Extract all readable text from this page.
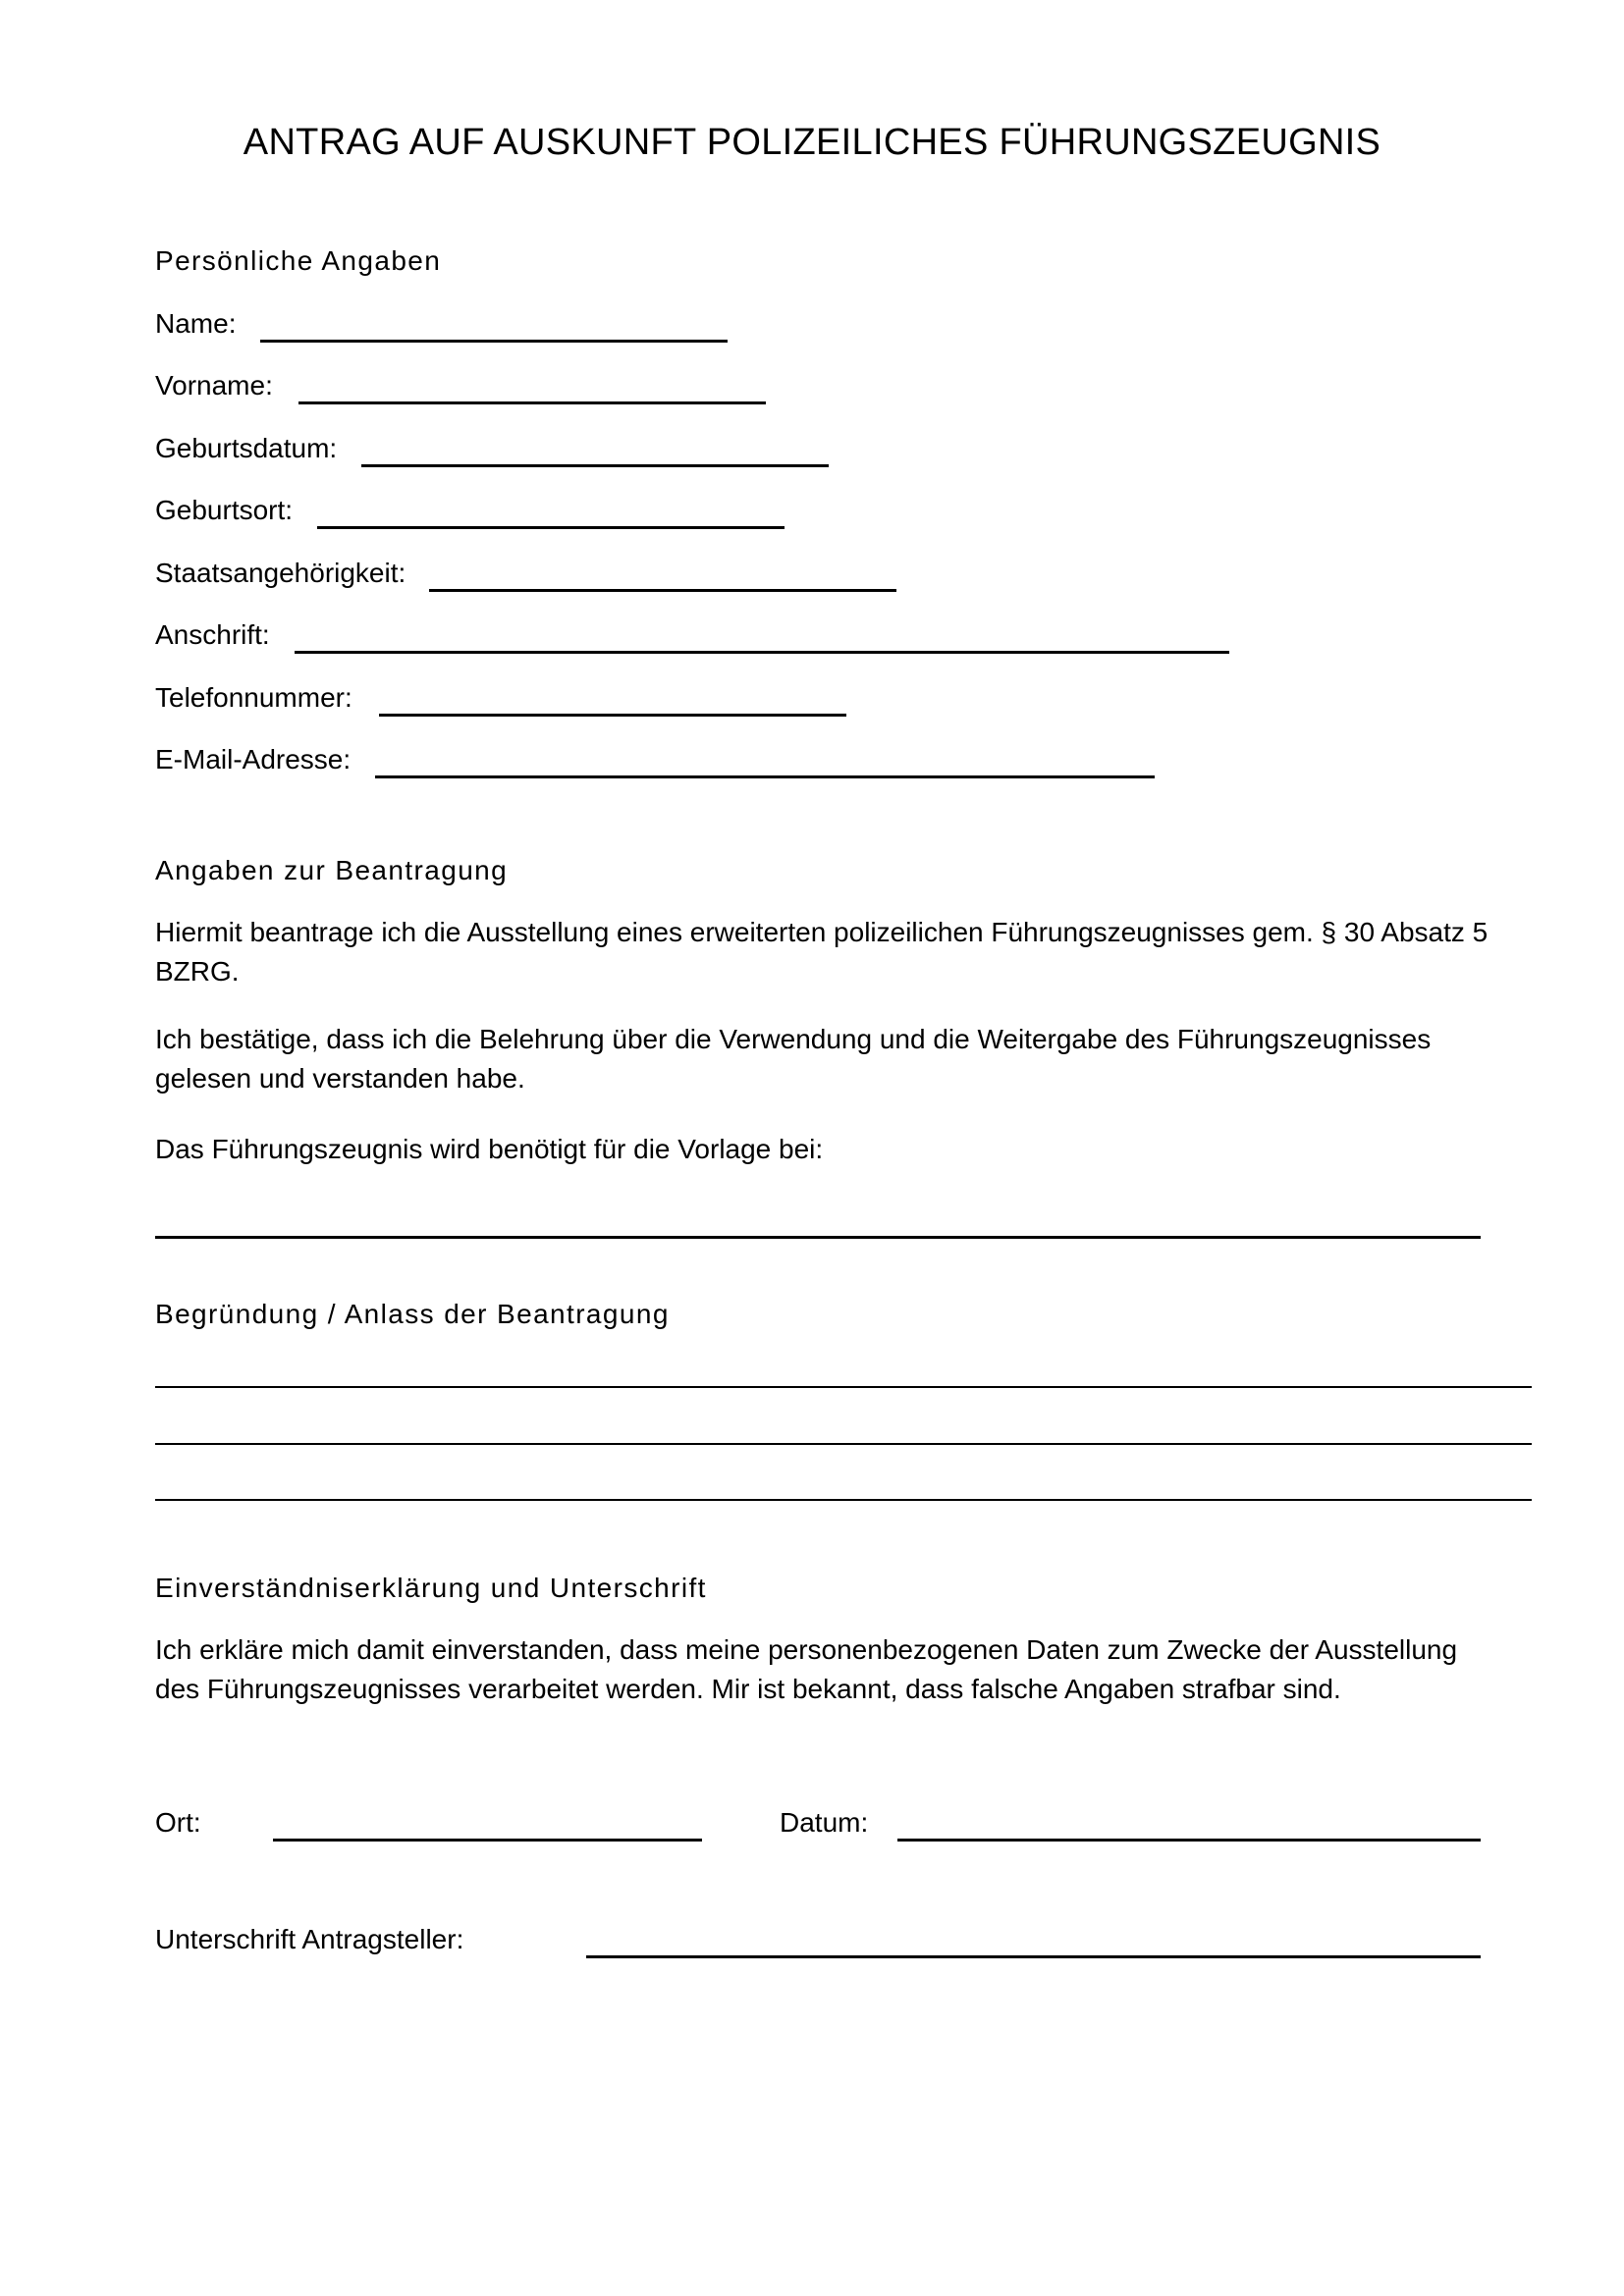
ANTRAG AUF AUSKUNFT POLIZEILICHES FÜHRUNGSZEUGNIS
Persönliche Angaben
Name:
Vorname:
Geburtsdatum:
Geburtsort:
Staatsangehörigkeit:
Anschrift:
Telefonnummer:
E-Mail-Adresse:
Angaben zur Beantragung
Hiermit beantrage ich die Ausstellung eines erweiterten polizeilichen Führungszeugnisses gem. § 30 Absatz 5 BZRG.
Ich bestätige, dass ich die Belehrung über die Verwendung und die Weitergabe des Führungszeugnisses gelesen und verstanden habe.
Das Führungszeugnis wird benötigt für die Vorlage bei:
Begründung / Anlass der Beantragung
Einverständniserklärung und Unterschrift
Ich erkläre mich damit einverstanden, dass meine personenbezogenen Daten zum Zwecke der Ausstellung des Führungszeugnisses verarbeitet werden. Mir ist bekannt, dass falsche Angaben strafbar sind.
Ort:	Datum:
Unterschrift Antragsteller:
